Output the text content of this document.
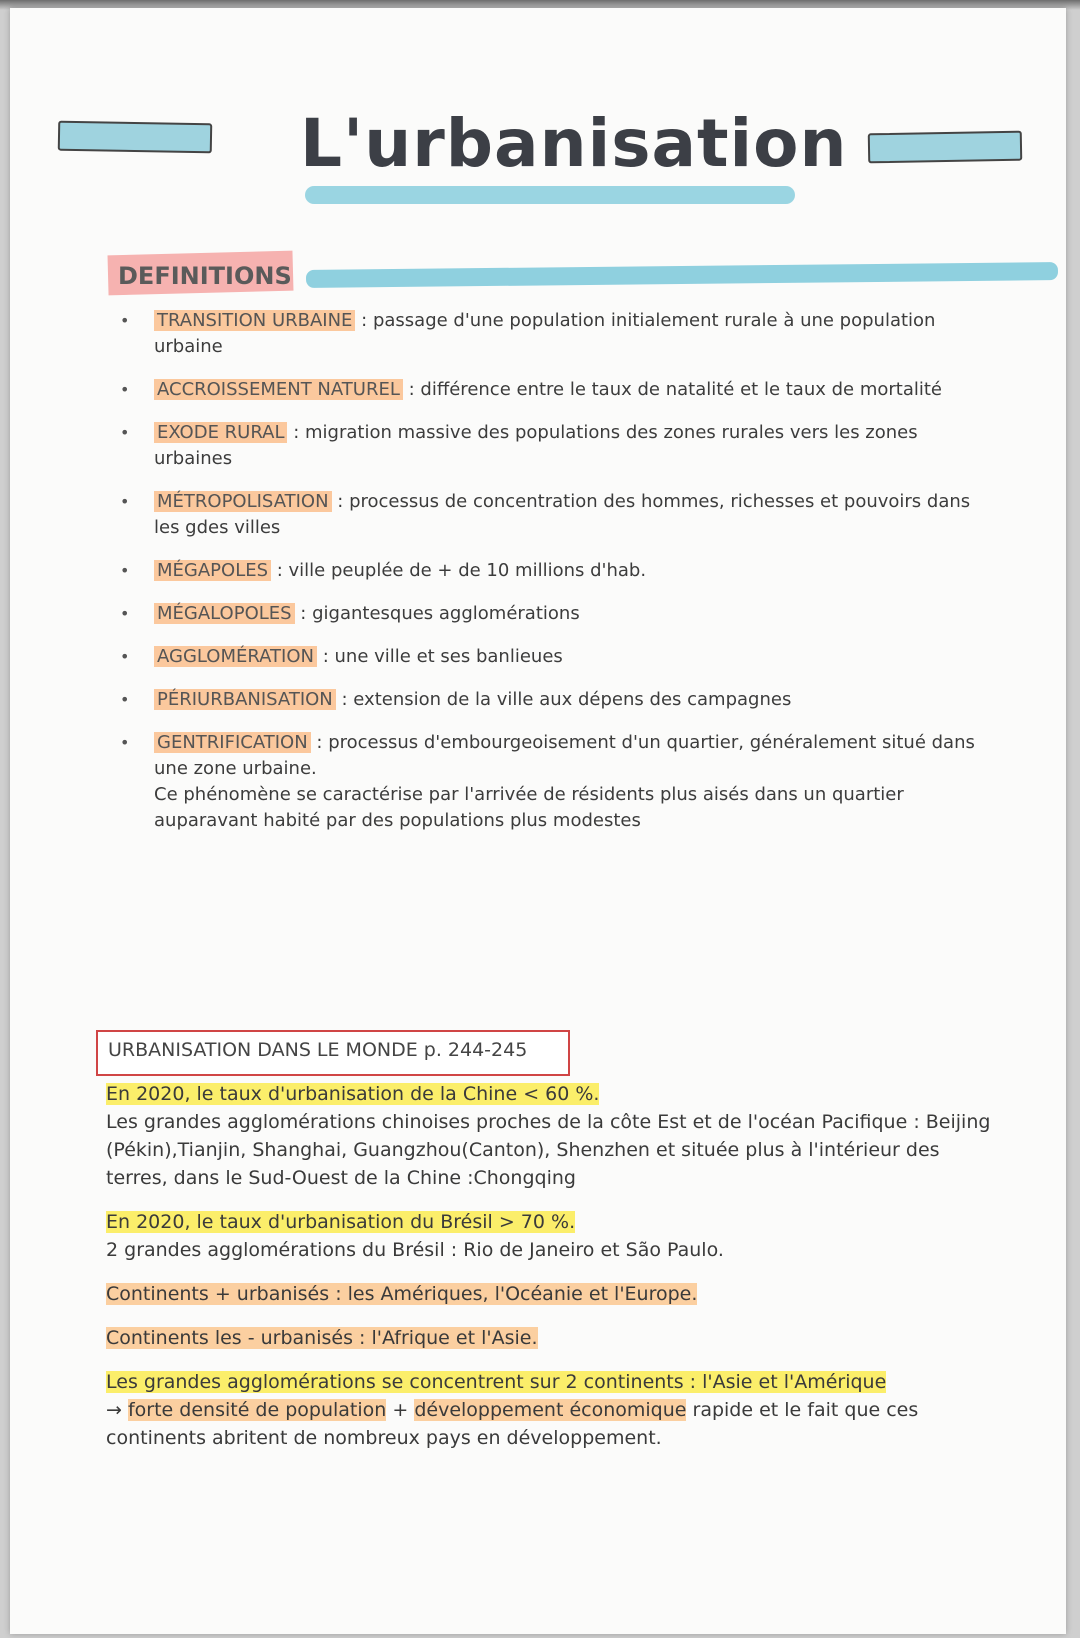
L'urbanisation
DEFINITIONS
• TRANSITION URBAINE : passage d'une population initialement rurale à une population urbaine
• ACCROISSEMENT NATUREL : différence entre le taux de natalité et le taux de mortalité
• EXODE RURAL : migration massive des populations des zones rurales vers les zones urbaines
• MÉTROPOLISATION : processus de concentration des hommes, richesses et pouvoirs dans les gdes villes
• MÉGAPOLES : ville peuplée de + de 10 millions d'hab.
• MÉGALOPOLES : gigantesques agglomérations
• AGGLOMÉRATION : une ville et ses banlieues
• PÉRIURBANISATION : extension de la ville aux dépens des campagnes
• GENTRIFICATION : processus d'embourgeoisement d'un quartier, généralement situé dans une zone urbaine.
Ce phénomène se caractérise par l'arrivée de résidents plus aisés dans un quartier auparavant habité par des populations plus modestes
URBANISATION DANS LE MONDE p. 244-245

En 2020, le taux d'urbanisation de la Chine < 60 %.
Les grandes agglomérations chinoises proches de la côte Est et de l'océan Pacifique : Beijing (Pékin),Tianjin, Shanghai, Guangzhou(Canton), Shenzhen et située plus à l'intérieur des terres, dans le Sud-Ouest de la Chine :Chongqing

En 2020, le taux d'urbanisation du Brésil > 70 %.
2 grandes agglomérations du Brésil : Rio de Janeiro et São Paulo.

Continents + urbanisés : les Amériques, l'Océanie et l'Europe.

Continents les - urbanisés : l'Afrique et l'Asie.

Les grandes agglomérations se concentrent sur 2 continents : l'Asie et l'Amérique
→ forte densité de population + développement économique rapide et le fait que ces continents abritent de nombreux pays en développement.
